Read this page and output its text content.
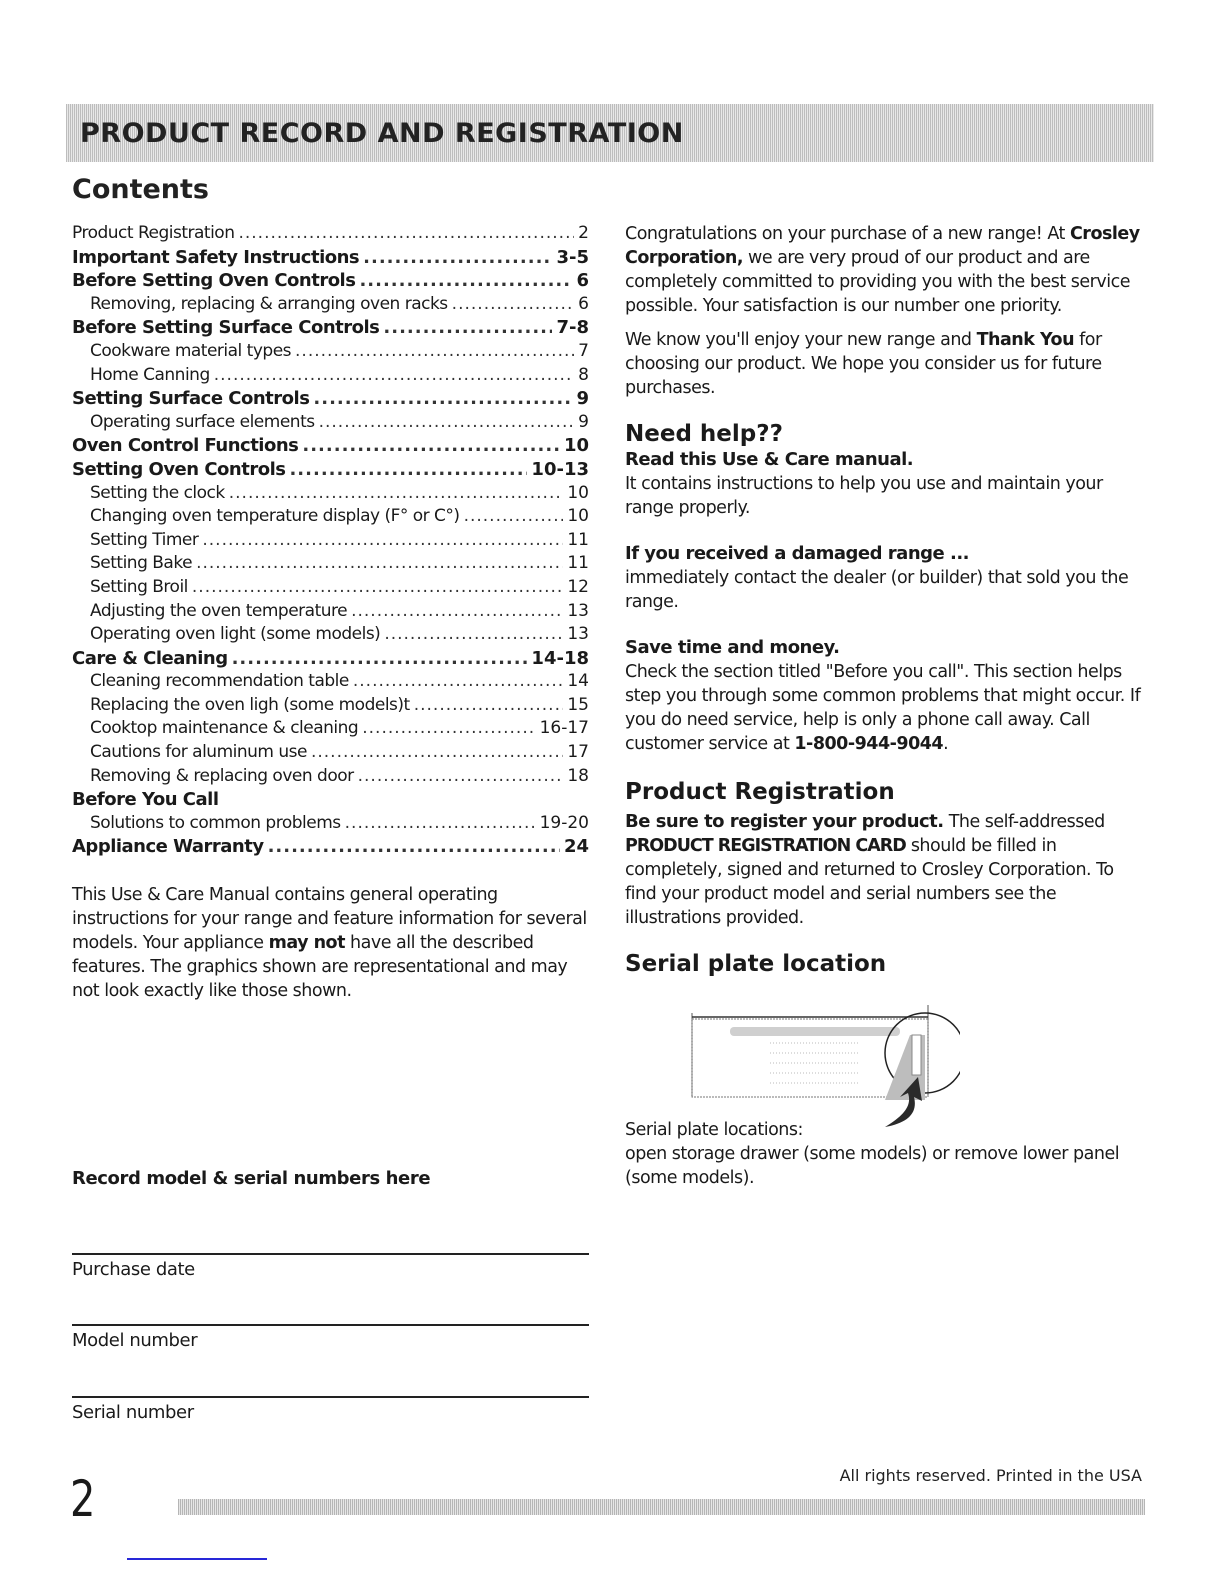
PRODUCT RECORD AND REGISTRATION
Contents
Product Registration .....	2
Important Safety Instructions .....	3-5
Before Setting Oven Controls .....	6
Removing, replacing & arranging oven racks .....	6
Before Setting Surface Controls .....	7-8
Cookware material types .....	7
Home Canning .....	8
Setting Surface Controls .....	9
Operating surface elements .....	9
Oven Control Functions .....	10
Setting Oven Controls .....	10-13
Setting the clock .....	10
Changing oven temperature display (F° or C°) .....	10
Setting Timer .....	11
Setting Bake .....	11
Setting Broil .....	12
Adjusting the oven temperature .....	13
Operating oven light (some models) .....	13
Care & Cleaning .....	14-18
Cleaning recommendation table .....	14
Replacing the oven ligh (some models)t .....	15
Cooktop maintenance & cleaning .....	16-17
Cautions for aluminum use .....	17
Removing & replacing oven door .....	18
Before You Call
Solutions to common problems .....	19-20
Appliance Warranty .....	24
This Use & Care Manual contains general operating instructions for your range and feature information for several models. Your appliance may not have all the described features. The graphics shown are representational and may not look exactly like those shown.
Record model & serial numbers here
Purchase date
Model number
Serial number

Congratulations on your purchase of a new range! At Crosley Corporation, we are very proud of our product and are completely committed to providing you with the best service possible. Your satisfaction is our number one priority.

We know you'll enjoy your new range and Thank You for choosing our product. We hope you consider us for future purchases.

Need help??

Read this Use & Care manual.

It contains instructions to help you use and maintain your range properly.

If you received a damaged range ...

immediately contact the dealer (or builder) that sold you the range.

Save time and money.

Check the section titled "Before you call". This section helps step you through some common problems that might occur. If you do need service, help is only a phone call away. Call customer service at 1-800-944-9044.

Product Registration

Be sure to register your product. The self-addressed PRODUCT REGISTRATION CARD should be filled in completely, signed and returned to Crosley Corporation. To find your product model and serial numbers see the illustrations provided.

Serial plate location

Serial plate locations:
open storage drawer (some models) or remove lower panel (some models).
All rights reserved. Printed in the USA
2
